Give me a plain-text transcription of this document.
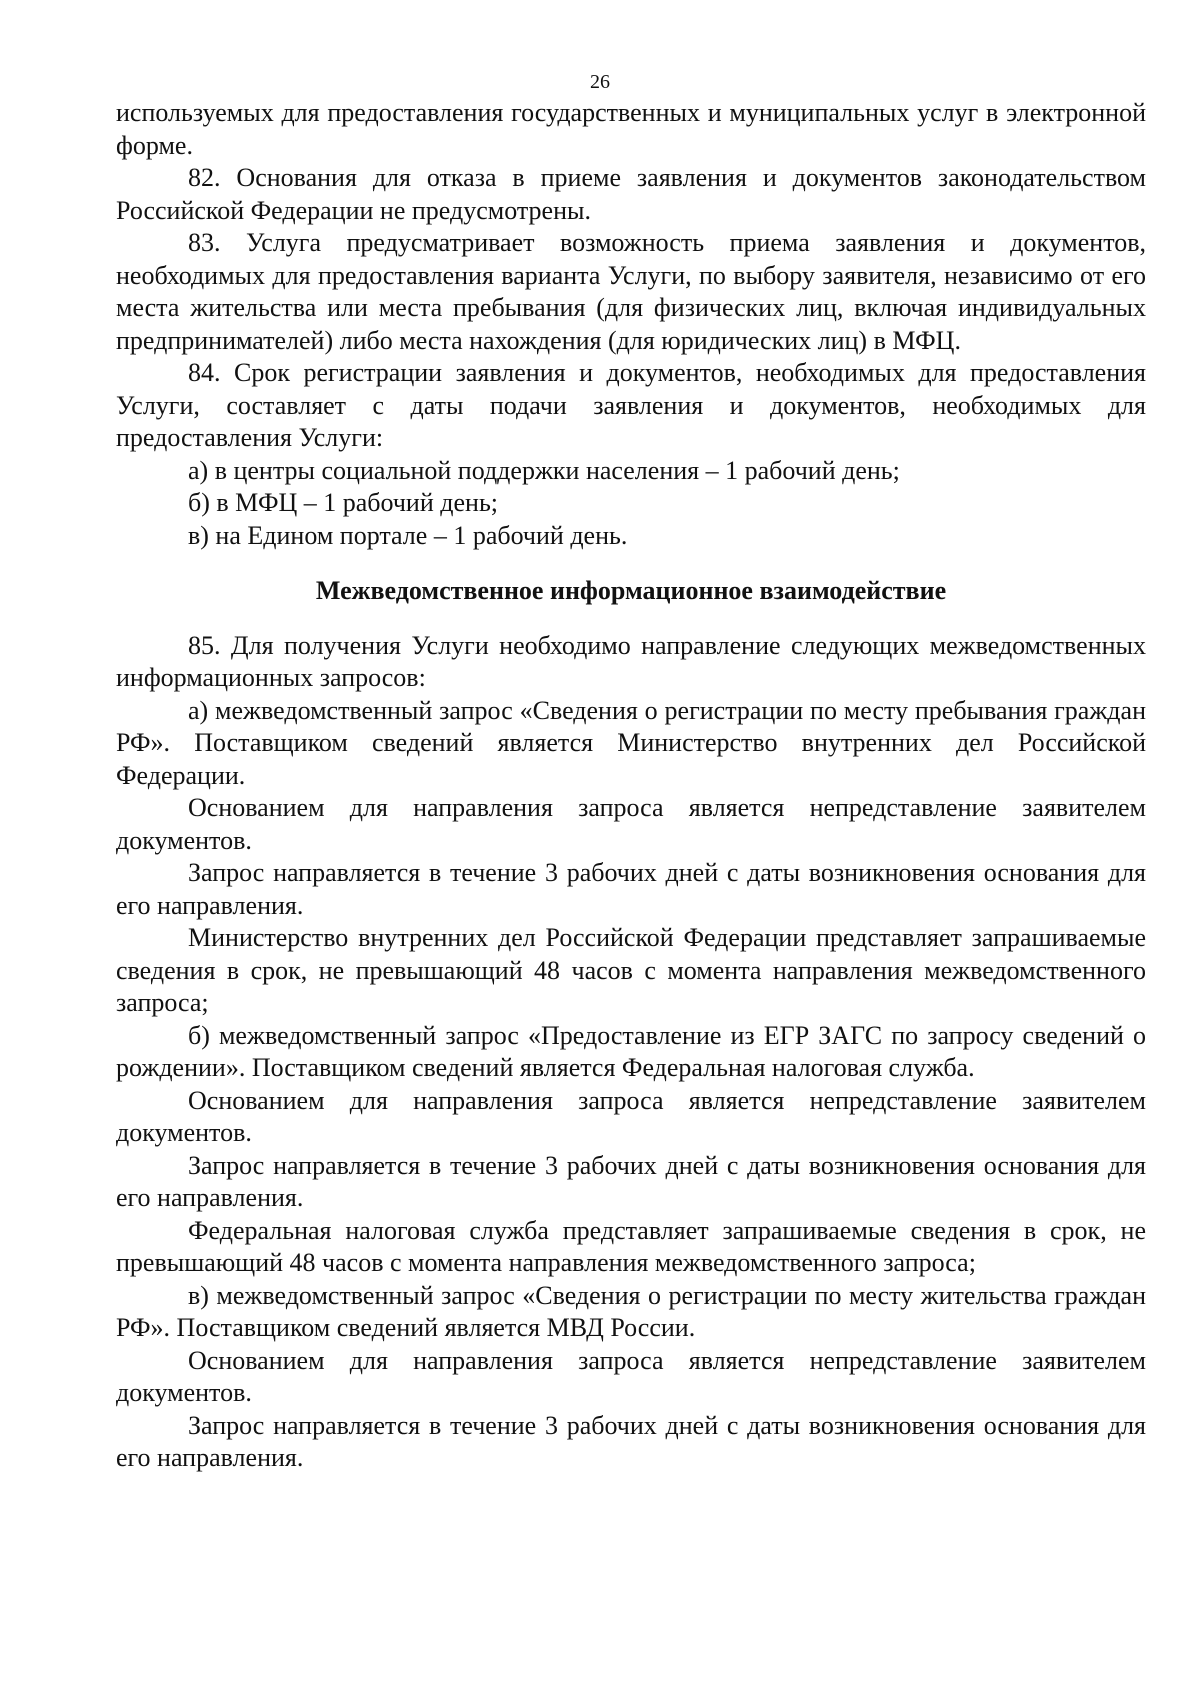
26

используемых для предоставления государственных и муниципальных услуг в электронной форме.

82. Основания для отказа в приеме заявления и документов законодательством Российской Федерации не предусмотрены.

83. Услуга предусматривает возможность приема заявления и документов, необходимых для предоставления варианта Услуги, по выбору заявителя, независимо от его места жительства или места пребывания (для физических лиц, включая индивидуальных предпринимателей) либо места нахождения (для юридических лиц) в МФЦ.

84. Срок регистрации заявления и документов, необходимых для предоставления Услуги, составляет с даты подачи заявления и документов, необходимых для предоставления Услуги:

а) в центры социальной поддержки населения – 1 рабочий день;

б) в МФЦ – 1 рабочий день;

в) на Едином портале – 1 рабочий день.

Межведомственное информационное взаимодействие

85. Для получения Услуги необходимо направление следующих межведомственных информационных запросов:

а) межведомственный запрос «Сведения о регистрации по месту пребывания граждан РФ». Поставщиком сведений является Министерство внутренних дел Российской Федерации.

Основанием для направления запроса является непредставление заявителем документов.

Запрос направляется в течение 3 рабочих дней с даты возникновения основания для его направления.

Министерство внутренних дел Российской Федерации представляет запрашиваемые сведения в срок, не превышающий 48 часов с момента направления межведомственного запроса;

б) межведомственный запрос «Предоставление из ЕГР ЗАГС по запросу сведений о рождении». Поставщиком сведений является Федеральная налоговая служба.

Основанием для направления запроса является непредставление заявителем документов.

Запрос направляется в течение 3 рабочих дней с даты возникновения основания для его направления.

Федеральная налоговая служба представляет запрашиваемые сведения в срок, не превышающий 48 часов с момента направления межведомственного запроса;

в) межведомственный запрос «Сведения о регистрации по месту жительства граждан РФ». Поставщиком сведений является МВД России.

Основанием для направления запроса является непредставление заявителем документов.

Запрос направляется в течение 3 рабочих дней с даты возникновения основания для его направления.
